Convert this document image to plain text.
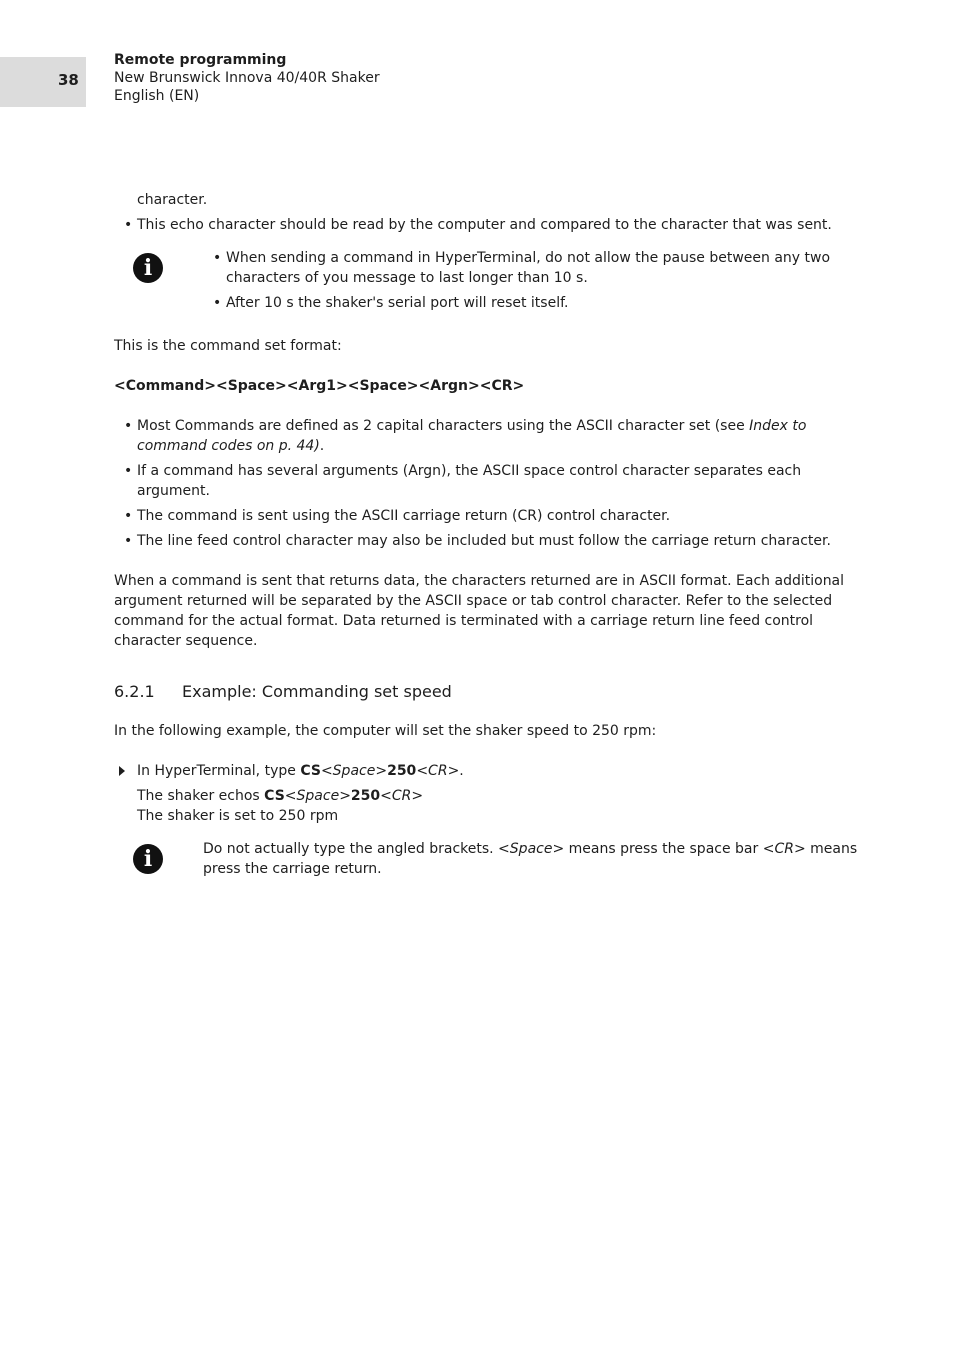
38
Remote programming
New Brunswick Innova 40/40R Shaker
English (EN)
character.
• This echo character should be read by the computer and compared to the character that was sent.
i	• When sending a command in HyperTerminal, do not allow the pause between any two
characters of you message to last longer than 10 s.
• After 10 s the shaker's serial port will reset itself.
This is the command set format:
<Command><Space><Arg1><Space><Argn><CR>
• Most Commands are defined as 2 capital characters using the ASCII character set (see Index to
command codes on p. 44).
• If a command has several arguments (Argn), the ASCII space control character separates each
argument.
• The command is sent using the ASCII carriage return (CR) control character.
• The line feed control character may also be included but must follow the carriage return character.
When a command is sent that returns data, the characters returned are in ASCII format. Each additional
argument returned will be separated by the ASCII space or tab control character. Refer to the selected
command for the actual format. Data returned is terminated with a carriage return line feed control
character sequence.
6.2.1 Example: Commanding set speed
In the following example, the computer will set the shaker speed to 250 rpm:
In HyperTerminal, type CS<Space>250<CR>.
The shaker echos CS<Space>250<CR>
The shaker is set to 250 rpm
i	Do not actually type the angled brackets. <Space> means press the space bar <CR> means
press the carriage return.
